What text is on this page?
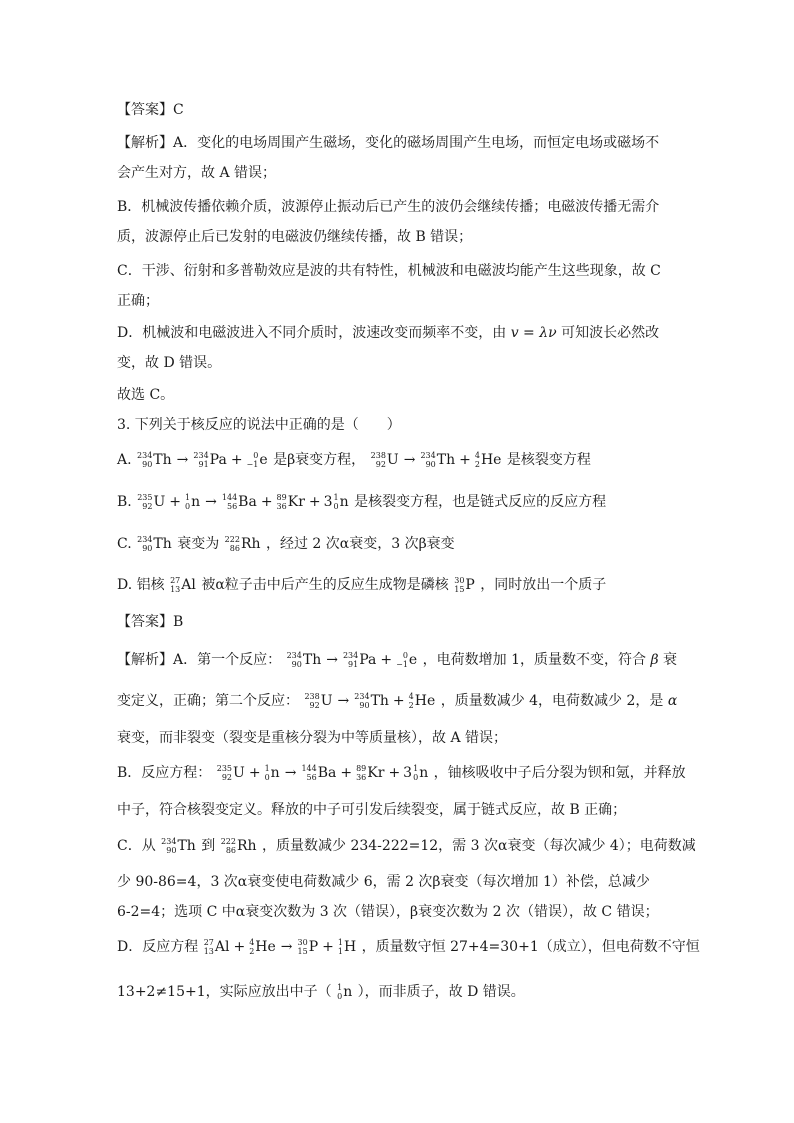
【答案】C
【解析】A．变化的电场周围产生磁场，变化的磁场周围产生电场，而恒定电场或磁场不
会产生对方，故 A 错误；
B．机械波传播依赖介质，波源停止振动后已产生的波仍会继续传播；电磁波传播无需介
质，波源停止后已发射的电磁波仍继续传播，故 B 错误；
C．干涉、衍射和多普勒效应是波的共有特性，机械波和电磁波均能产生这些现象，故 C
正确；
D．机械波和电磁波进入不同介质时，波速改变而频率不变，由 v = λν 可知波长必然改
变，故 D 错误。
故选 C。
3. 下列关于核反应的说法中正确的是（　　）
A. 234
90 Th → 234
91 Pa + 0
−1 e 是β衰变方程， 238
92 U → 234
90 Th + 4
2 He 是核裂变方程
B. 235
92 U + 1
0 n → 144
56 Ba + 89
36 Kr + 3 1
0 n 是核裂变方程，也是链式反应的反应方程
C. 234
90 Th 衰变为 222
86 Rh ，经过 2 次α衰变，3 次β衰变
D. 铝核 27
13 Al 被α粒子击中后产生的反应生成物是磷核 30
15 P ，同时放出一个质子
【答案】B
【解析】A．第一个反应： 234
90 Th → 234
91 Pa + 0
−1 e ，电荷数增加 1，质量数不变，符合 β 衰
变定义，正确；第二个反应： 238
92 U → 234
90 Th + 4
2 He ，质量数减少 4，电荷数减少 2，是 α
衰变，而非裂变（裂变是重核分裂为中等质量核），故 A 错误；
B．反应方程： 235
92 U + 1
0 n → 144
56 Ba + 89
36 Kr + 3 1
0 n ，铀核吸收中子后分裂为钡和氪，并释放
中子，符合核裂变定义。释放的中子可引发后续裂变，属于链式反应，故 B 正确；
C．从 234
90 Th 到 222
86 Rh ，质量数减少 234-222=12，需 3 次α衰变（每次减少 4）；电荷数减
少 90-86=4，3 次α衰变使电荷数减少 6，需 2 次β衰变（每次增加 1）补偿，总减少
6-2=4；选项 C 中α衰变次数为 3 次（错误），β衰变次数为 2 次（错误），故 C 错误；
D．反应方程 27
13 Al + 4
2 He → 30
15 P + 1
1 H ，质量数守恒 27+4=30+1（成立），但电荷数不守恒
13+2≠15+1，实际应放出中子（ 1
0 n ），而非质子，故 D 错误。
